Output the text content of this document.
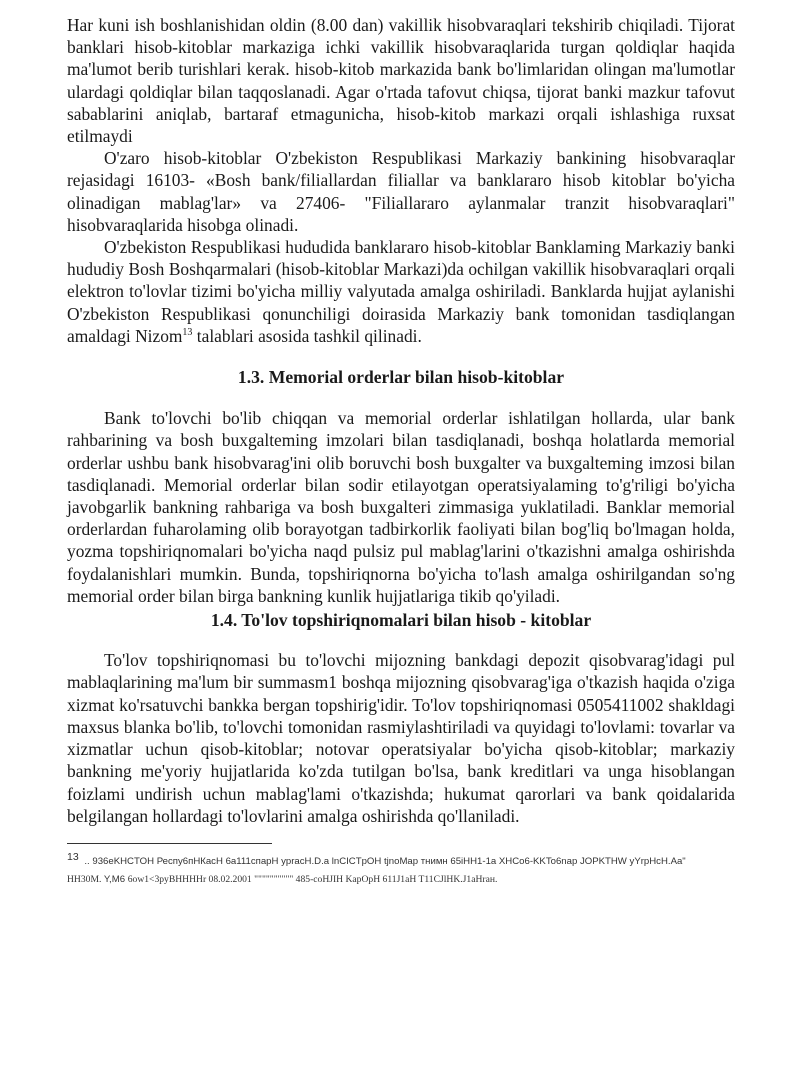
Har kuni ish boshlanishidan oldin (8.00 dan) vakillik hisobvaraqlari tekshirib chiqiladi. Tijorat banklari hisob-kitoblar markaziga ichki vakillik hisobvaraqlarida turgan qoldiqlar haqida ma'lumot berib turishlari kerak. hisob-kitob markazida bank bo'limlaridan olingan ma'lumotlar ulardagi qoldiqlar bilan taqqoslanadi. Agar o'rtada tafovut chiqsa, tijorat banki mazkur tafovut sabablarini aniqlab, bartaraf etmagunicha, hisob-kitob markazi orqali ishlashiga ruxsat etilmaydi

O'zaro hisob-kitoblar O'zbekiston Respublikasi Markaziy bankining hisobvaraqlar rejasidagi 16103- «Bosh bank/filiallardan filiallar va banklararo hisob kitoblar bo'yicha olinadigan mablag'lar» va 27406- "Filiallararo aylanmalar tranzit hisobvaraqlari" hisobvaraqlarida hisobga olinadi.

O'zbekiston Respublikasi hududida banklararo hisob-kitoblar Banklaming Markaziy banki hududiy Bosh Boshqarmalari (hisob-kitoblar Markazi)da ochilgan vakillik hisobvaraqlari orqali elektron to'lovlar tizimi bo'yicha milliy valyutada amalga oshiriladi. Banklarda hujjat aylanishi O'zbekiston Respublikasi qonunchiligi doirasida Markaziy bank tomonidan tasdiqlangan amaldagi Nizom$^{13}$ talablari asosida tashkil qilinadi.

1.3. Memorial orderlar bilan hisob-kitoblar

Bank to'lovchi bo'lib chiqqan va memorial orderlar ishlatilgan hollarda, ular bank rahbarining va bosh buxgalteming imzolari bilan tasdiqlanadi, boshqa holatlarda memorial orderlar ushbu bank hisobvarag'ini olib boruvchi bosh buxgalter va buxgalteming imzosi bilan tasdiqlanadi. Memorial orderlar bilan sodir etilayotgan operatsiyalaming to'g'riligi bo'yicha javobgarlik bankning rahbariga va bosh buxgalteri zimmasiga yuklatiladi. Banklar memorial orderlardan fuharolaming olib borayotgan tadbirkorlik faoliyati bilan bog'liq bo'lmagan holda, yozma topshiriqnomalari bo'yicha naqd pulsiz pul mablag'larini o'tkazishni amalga oshirishda foydalanishlari mumkin. Bunda, topshiriqnorna bo'yicha to'lash amalga oshirilgandan so'ng memorial order bilan birga bankning kunlik hujjatlariga tikib qo'yiladi.

1.4. To'lov topshiriqnomalari bilan hisob - kitoblar

To'lov topshiriqnomasi bu to'lovchi mijozning bankdagi depozit qisobvarag'idagi pul mablaqlarining ma'lum bir summasm1 boshqa mijozning qisobvarag'iga o'tkazish haqida o'ziga xizmat ko'rsatuvchi bankka bergan topshirig'idir. To'lov topshiriqnomasi 0505411002 shakldagi maxsus blanka bo'lib, to'lovchi tomonidan rasmiylashtiriladi va quyidagi to'lovlami: tovarlar va xizmatlar uchun qisob-kitoblar; notovar operatsiyalar bo'yicha qisob-kitoblar; markaziy bankning me'yoriy hujjatlarida ko'zda tutilgan bo'lsa, bank kreditlari va unga hisoblangan foizlami undirish uchun mablag'lami o'tkazishda; hukumat qarorlari va bank qoidalarida belgilangan hollardagi to'lovlarini amalga oshirishda qo'llaniladi.

13 .. 936eKHCTOH Респу6пНКасН 6a111cпарН ypracH.D.a lnCICTpOH tjnoMap тнимн 65iHH1-1a XHCo6-KKTo6nap JOPKTHW yYrpHcH.Aa"
HH30M. Y,M6 6ow1<3pyBHHHHr 08.02.2001 """""""""" 485-coHJIH KapOpH 611J1aH T11CJlHK.J1aHraн.
